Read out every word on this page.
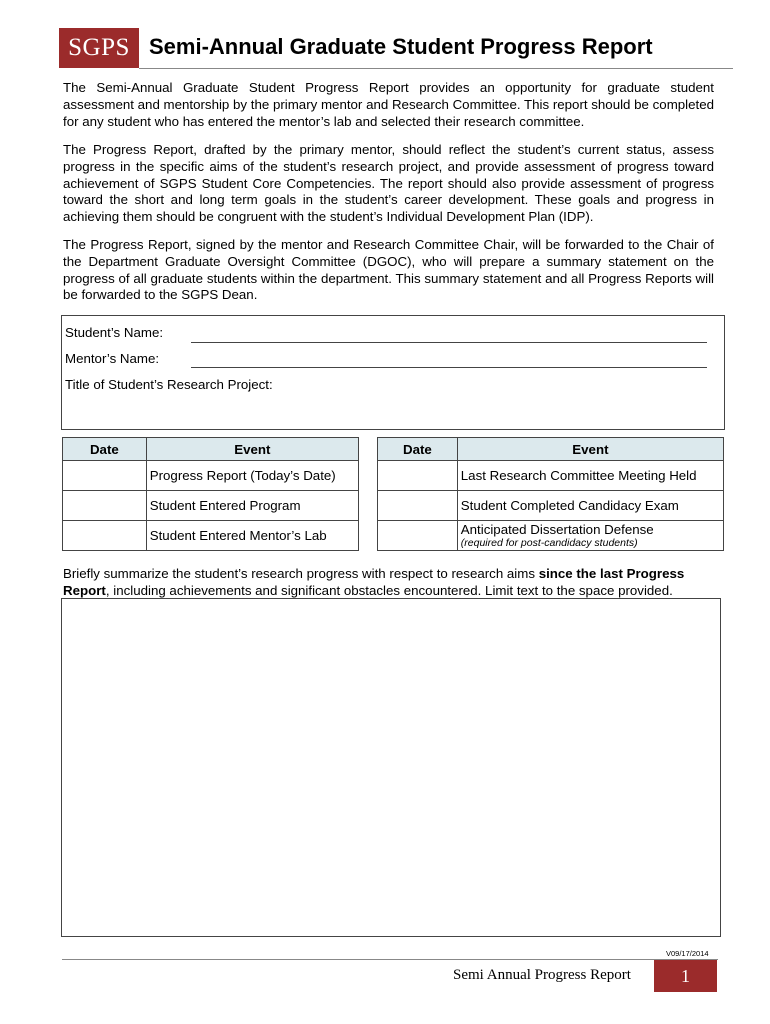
SGPS Semi-Annual Graduate Student Progress Report

The Semi-Annual Graduate Student Progress Report provides an opportunity for graduate student assessment and mentorship by the primary mentor and Research Committee. This report should be completed for any student who has entered the mentor’s lab and selected their research committee.

The Progress Report, drafted by the primary mentor, should reflect the student’s current status, assess progress in the specific aims of the student’s research project, and provide assessment of progress toward achievement of SGPS Student Core Competencies. The report should also provide assessment of progress toward the short and long term goals in the student’s career development. These goals and progress in achieving them should be congruent with the student’s Individual Development Plan (IDP).

The Progress Report, signed by the mentor and Research Committee Chair, will be forwarded to the Chair of the Department Graduate Oversight Committee (DGOC), who will prepare a summary statement on the progress of all graduate students within the department. This summary statement and all Progress Reports will be forwarded to the SGPS Dean.

Student’s Name:
Mentor’s Name:
Title of Student’s Research Project:
Date	Event
	Progress Report (Today’s Date)
	Student Entered Program
	Student Entered Mentor’s Lab
Date	Event
	Last Research Committee Meeting Held
	Student Completed Candidacy Exam

	Anticipated Dissertation Defense
(required for post-candidacy students)

Briefly summarize the student’s research progress with respect to research aims since the last Progress Report, including achievements and significant obstacles encountered. Limit text to the space provided.

V09/17/2014
Semi Annual Progress Report	1
